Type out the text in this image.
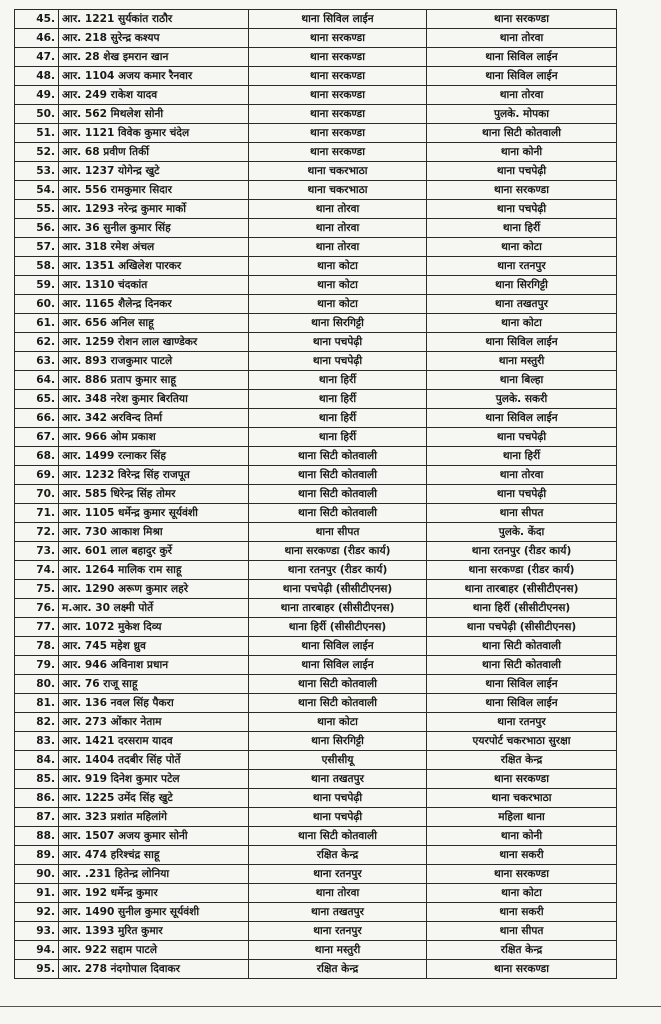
45.	आर. 1221 सुर्यकांत राठौर	थाना सिविल लाईन	थाना सरकण्डा
46.	आर. 218 सुरेन्द्र कश्यप	थाना सरकण्डा	थाना तोरवा
47.	आर. 28 शेख इमरान खान	थाना सरकण्डा	थाना सिविल लाईन
48.	आर. 1104 अजय कमार रैनवार	थाना सरकण्डा	थाना सिविल लाईन
49.	आर. 249 राकेश यादव	थाना सरकण्डा	थाना तोरवा
50.	आर. 562 मिथलेश सोनी	थाना सरकण्डा	पुलके. मोपका
51.	आर. 1121 विवेक कुमार चंदेल	थाना सरकण्डा	थाना सिटी कोतवाली
52.	आर. 68 प्रवीण तिर्की	थाना सरकण्डा	थाना कोनी
53.	आर. 1237 योगेन्द्र खुटे	थाना चकरभाठा	थाना पचपेढ़ी
54.	आर. 556 रामकुमार सिदार	थाना चकरभाठा	थाना सरकण्डा
55.	आर. 1293 नरेन्द्र कुमार मार्को	थाना तोरवा	थाना पचपेढ़ी
56.	आर. 36 सुनील कुमार सिंह	थाना तोरवा	थाना हिर्री
57.	आर. 318 रमेश अंचल	थाना तोरवा	थाना कोटा
58.	आर. 1351 अखिलेश पारकर	थाना कोटा	थाना रतनपुर
59.	आर. 1310 चंदकांत	थाना कोटा	थाना सिरगिट्टी
60.	आर. 1165 शैलेन्द्र दिनकर	थाना कोटा	थाना तखतपुर
61.	आर. 656 अनिल साहू	थाना सिरगिट्टी	थाना कोटा
62.	आर. 1259 रोशन लाल खाण्डेकर	थाना पचपेढ़ी	थाना सिविल लाईन
63.	आर. 893 राजकुमार पाटले	थाना पचपेढ़ी	थाना मस्तुरी
64.	आर. 886 प्रताप कुमार साहू	थाना हिर्री	थाना बिल्हा
65.	आर. 348 नरेश कुमार बिरतिया	थाना हिर्री	पुलके. सकरी
66.	आर. 342 अरविन्द तिर्मा	थाना हिर्री	थाना सिविल लाईन
67.	आर. 966 ओम प्रकाश	थाना हिर्री	थाना पचपेढ़ी
68.	आर. 1499 रत्नाकर सिंह	थाना सिटी कोतवाली	थाना हिर्री
69.	आर. 1232 विरेन्द्र सिंह राजपूत	थाना सिटी कोतवाली	थाना तोरवा
70.	आर. 585 धिरेन्द्र सिंह तोमर	थाना सिटी कोतवाली	थाना पचपेढ़ी
71.	आर. 1105 धर्मेन्द्र कुमार सूर्यवंशी	थाना सिटी कोतवाली	थाना सीपत
72.	आर. 730 आकाश मिश्रा	थाना सीपत	पुलके. केंदा
73.	आर. 601 लाल बहादुर कुर्रे	थाना सरकण्डा (रीडर कार्य)	थाना रतनपुर (रीडर कार्य)
74.	आर. 1264 मालिक राम साहू	थाना रतनपुर (रीडर कार्य)	थाना सरकण्डा (रीडर कार्य)
75.	आर. 1290 अरूण कुमार लहरे	थाना पचपेढ़ी (सीसीटीएनस)	थाना तारबाहर (सीसीटीएनस)
76.	म.आर. 30 लक्ष्मी पोर्ते	थाना तारबाहर (सीसीटीएनस)	थाना हिर्री (सीसीटीएनस)
77.	आर. 1072 मुकेश दिव्य	थाना हिर्री (सीसीटीएनस)	थाना पचपेढ़ी (सीसीटीएनस)
78.	आर. 745 महेश ध्रुव	थाना सिविल लाईन	थाना सिटी कोतवाली
79.	आर. 946 अविनाश प्रधान	थाना सिविल लाईन	थाना सिटी कोतवाली
80.	आर. 76 राजू साहू	थाना सिटी कोतवाली	थाना सिविल लाईन
81.	आर. 136 नवल सिंह पैकरा	थाना सिटी कोतवाली	थाना सिविल लाईन
82.	आर. 273 ओंकार नेताम	थाना कोटा	थाना रतनपुर
83.	आर. 1421 दरसराम यादव	थाना सिरगिट्टी	एयरपोर्ट चकरभाठा सुरक्षा
84.	आर. 1404 तदबीर सिंह पोर्ते	एसीसीयू	रक्षित केन्द्र
85.	आर. 919 दिनेश कुमार पटेल	थाना तखतपुर	थाना सरकण्डा
86.	आर. 1225 उमेंद सिंह खुटे	थाना पचपेढ़ी	थाना चकरभाठा
87.	आर. 323 प्रशांत महिलांगे	थाना पचपेढ़ी	महिला थाना
88.	आर. 1507 अजय कुमार सोनी	थाना सिटी कोतवाली	थाना कोनी
89.	आर. 474 हरिश्चंद्र साहू	रक्षित केन्द्र	थाना सकरी
90.	आर. .231 हितेन्द्र लोनिया	थाना रतनपुर	थाना सरकण्डा
91.	आर. 192 धर्मेन्द्र कुमार	थाना तोरवा	थाना कोटा
92.	आर. 1490 सुनील कुमार सूर्यवंशी	थाना तखतपुर	थाना सकरी
93.	आर. 1393 मुरित कुमार	थाना रतनपुर	थाना सीपत
94.	आर. 922 सद्दाम पाटले	थाना मस्तुरी	रक्षित केन्द्र
95.	आर. 278 नंदगोपाल दिवाकर	रक्षित केन्द्र	थाना सरकण्डा
